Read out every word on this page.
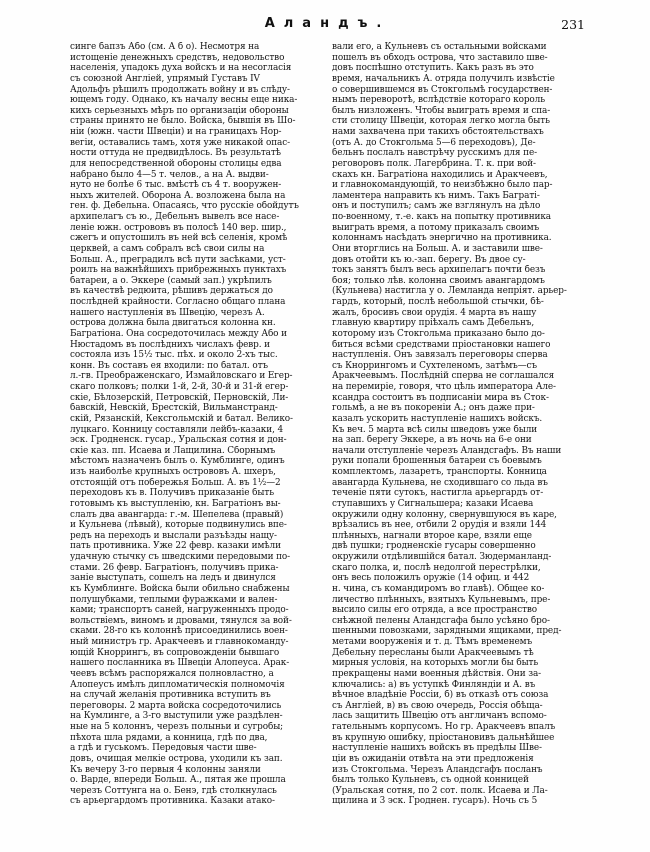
Аландъ.	231
синге бапзъ Або (см. А б о). Несмотря на
истощеніе денежныхъ средствъ, недовольство
населенія, упадокъ духа войскъ и на несогласія
съ союзной Англіей, упрямый Густавъ IV
Адольфъ рѣшилъ продолжать войну и въ слѣду-
ющемъ году. Однако, къ началу весны еще ника-
кихъ серьезныхъ мѣръ по организаціи обороны
страны принято не было. Войска, бывшія въ Шо-
ніи (южн. части Швеціи) и на границахъ Нор-
вегіи, оставались тамъ, хотя уже никакой опас-
ности оттуда не предвидѣлось. Въ результатѣ
для непосредственной обороны столицы едва
набрано было 4—5 т. челов., а на А. выдви-
нуто не болѣе 6 тыс. вмѣстѣ съ 4 т. вооружен-
ныхъ жителей. Оборона А. возложена была на
ген. ф. Дебельна. Опасаясь, что русскіе обойдутъ
архипелагъ съ ю., Дебельнъ вывелъ все насе-
леніе южн. острововъ въ полосѣ 140 вер. шир.,
сжегъ и опустошилъ въ ней всѣ селенія, кромѣ
церквей, а самъ собралъ всѣ свои силы на
Больш. А., преградилъ всѣ пути засѣками, уст-
роилъ на важнѣйшихъ прибрежныхъ пунктахъ
батареи, а о. Эккере (самый зап.) укрѣпилъ
въ качествѣ редюита, рѣшивъ держаться до
послѣдней крайности. Согласно общаго плана
нашего наступленія въ Швецію, черезъ А.
острова должна была двигаться колонна кн.
Багратіона. Она сосредоточилась между Або и
Нюстадомъ въ послѣднихъ числахъ февр. и
состояла изъ 15½ тыс. пѣх. и около 2-хъ тыс.
конн. Въ составъ ея входили: по батал. отъ
л.-гв. Преображенскаго, Измайловскаго и Егер-
скаго полковъ; полки 1-й, 2-й, 30-й и 31-й егер-
скіе, Бѣлозерскій, Петровскій, Перновскій, Ли-
бавскій, Невскій, Брестскій, Вильманстранд-
скій, Рязанскій, Кексгольмскій и батал. Велико-
луцкаго. Конницу составляли лейбъ-казаки, 4
эск. Гродненск. гусар., Уральская сотня и дон-
скіе каз. пп. Исаева и Лащилина. Сборнымъ
мѣстомъ назначенъ былъ о. Кумблинге, одинъ
изъ наиболѣе крупныхъ острововъ А. шхеръ,
отстоящій отъ побережья Больш. А. въ 1½—2
переходовъ къ в. Получивъ приказаніе быть
готовымъ къ выступленію, кн. Багратіонъ вы-
слалъ два авангарда: г.-м. Шепелева (правый)
и Кульнева (лѣвый), которые подвинулись впе-
редъ на переходъ и выслали разъѣзды нащу-
пать противника. Уже 22 февр. казаки имѣли
удачную стычку съ шведскими передовыми по-
стами. 26 февр. Багратіонъ, получивъ прика-
заніе выступать, сошелъ на ледъ и двинулся
къ Кумблинге. Войска были обильно снабжены
полушубками, теплыми фуражками и вален-
ками; транспортъ саней, нагруженныхъ продо-
вольствіемъ, виномъ и дровами, тянулся за вой-
сками. 28-го къ колоннѣ присоединились воен-
ный министръ гр. Аракчеевъ и главнокоманду-
ющій Кноррингъ, въ сопровожденіи бывшаго
нашего посланника въ Швеціи Алопеуса. Арак-
чеевъ всѣмъ распоряжался полновластно, а
Алопеусъ имѣлъ дипломатическія полномочія
на случай желанія противника вступить въ
переговоры. 2 марта войска сосредоточились
на Кумлинге, а 3-го выступили уже раздѣлен-
ные на 5 колоннъ, черезъ полыньи и сугробы;
пѣхота шла рядами, а конница, гдѣ по два,
а гдѣ и гуськомъ. Передовыя части шве-
довъ, очищая мелкіе острова, уходили къ зап.
Къ вечеру 3-го первыя 4 колонны заняли
о. Варде, впереди Больш. А., пятая же прошла
черезъ Соттунга на о. Бенэ, гдѣ столкнулась
съ арьергардомъ противника. Казаки атако-
вали его, а Кульневъ съ остальными войсками
пошелъ въ обходъ острова, что заставило шве-
довъ поспѣшно отступить. Какъ разъ въ это
время, начальникъ А. отряда получилъ извѣстіе
о совершившемся въ Стокгольмѣ государствен-
нымъ переворотѣ, вслѣдствіе котораго король
былъ низложенъ. Чтобы выиграть время и спа-
сти столицу Швеціи, которая легко могла быть
нами захвачена при такихъ обстоятельствахъ
(отъ А. до Стокгольма 5—6 переходовъ), Де-
бельнъ послалъ навстрѣчу русскимъ для пе-
реговоровъ полк. Лагербрина. Т. к. при вой-
скахъ кн. Багратіона находились и Аракчеевъ,
и главнокомандующій, то неизбѣжно было пар-
ламентера направить къ нимъ. Такъ Баграті-
онъ и поступилъ; самъ же взглянулъ на дѣло
по-военному, т.-е. какъ на попытку противника
выиграть время, а потому приказалъ своимъ
колоннамъ насѣдать энергично на противника.
Они вторглись на Больш. А. и заставили шве-
довъ отойти къ ю.-зап. берегу. Въ двое су-
токъ занятъ былъ весь архипелагъ почти безъ
боя; только лѣв. колонна своимъ авангардомъ
(Кульнева) настигла у о. Лемланда непріят. арьер-
гардъ, который, послѣ небольшой стычки, бѣ-
жалъ, бросивъ свои орудія. 4 марта въ нашу
главную квартиру пріѣхалъ самъ Дебельнъ,
которому изъ Стокгольма приказано было до-
биться всѣми средствами пріостановки нашего
наступленія. Онъ завязалъ переговоры сперва
съ Кноррингомъ и Сухтеленомъ, затѣмъ—съ
Аракчеевымъ. Послѣдній сперва не соглашался
на перемиріе, говоря, что цѣль императора Але-
ксандра состоитъ въ подписаніи мира въ Сток-
гольмѣ, а не въ покореніи А.; онъ даже при-
казалъ ускорить наступленіе нашихъ войскъ.
Къ веч. 5 марта всѣ силы шведовъ уже были
на зап. берегу Эккере, а въ ночь на 6-е они
начали отступленіе черезъ Аландсгафъ. Въ наши
руки попали брошенныя батареи съ боевымъ
комплектомъ, лазаретъ, транспорты. Конница
авангарда Кульнева, не сходившаго со льда въ
теченіе пяти сутокъ, настигла арьергардъ от-
ступавшихъ у Сигнальшера; казаки Исаева
окружили одну колонну, свернувшуюся въ каре,
врѣзались въ нее, отбили 2 орудія и взяли 144
плѣнныхъ, нагнали второе каре, взяли еще
двѣ пушки; гродненскіе гусары совершенно
окружили отдѣлившійся батал. Зюдерманланд-
скаго полка, и, послѣ недолгой перестрѣлки,
онъ весь положилъ оружіе (14 офиц. и 442
н. чина, съ командиромъ во главѣ). Общее ко-
личество плѣнныхъ, взятыхъ Кульневымъ, пре-
высило силы его отряда, а все пространство
снѣжной пелены Аландсгафа было усѣяно бро-
шенными повозками, зарядными ящиками, пред-
метами вооруженія и т. д. Тѣмъ временемъ
Дебельну пересланы были Аракчеевымъ тѣ
мирныя условія, на которыхъ могли бы быть
прекращены нами военныя дѣйствія. Они за-
ключались: а) въ уступкѣ Финляндіи и А. въ
вѣчное владѣніе Россіи, б) въ отказѣ отъ союза
съ Англіей, в) въ свою очередь, Россія обѣща-
лась защитить Швецію отъ англичанъ вспомо-
гательнымъ корпусомъ. Но гр. Аракчеевъ впалъ
въ крупную ошибку, пріостановивъ дальнѣйшее
наступленіе нашихъ войскъ въ предѣлы Шве-
ціи въ ожиданіи отвѣта на эти предложенія
изъ Стокгольма. Черезъ Аландсгафъ посланъ
былъ только Кульневъ, съ одной конницей
(Уральская сотня, по 2 сот. полк. Исаева и Ла-
щилина и 3 эск. Гроднен. гусаръ). Ночь съ 5
